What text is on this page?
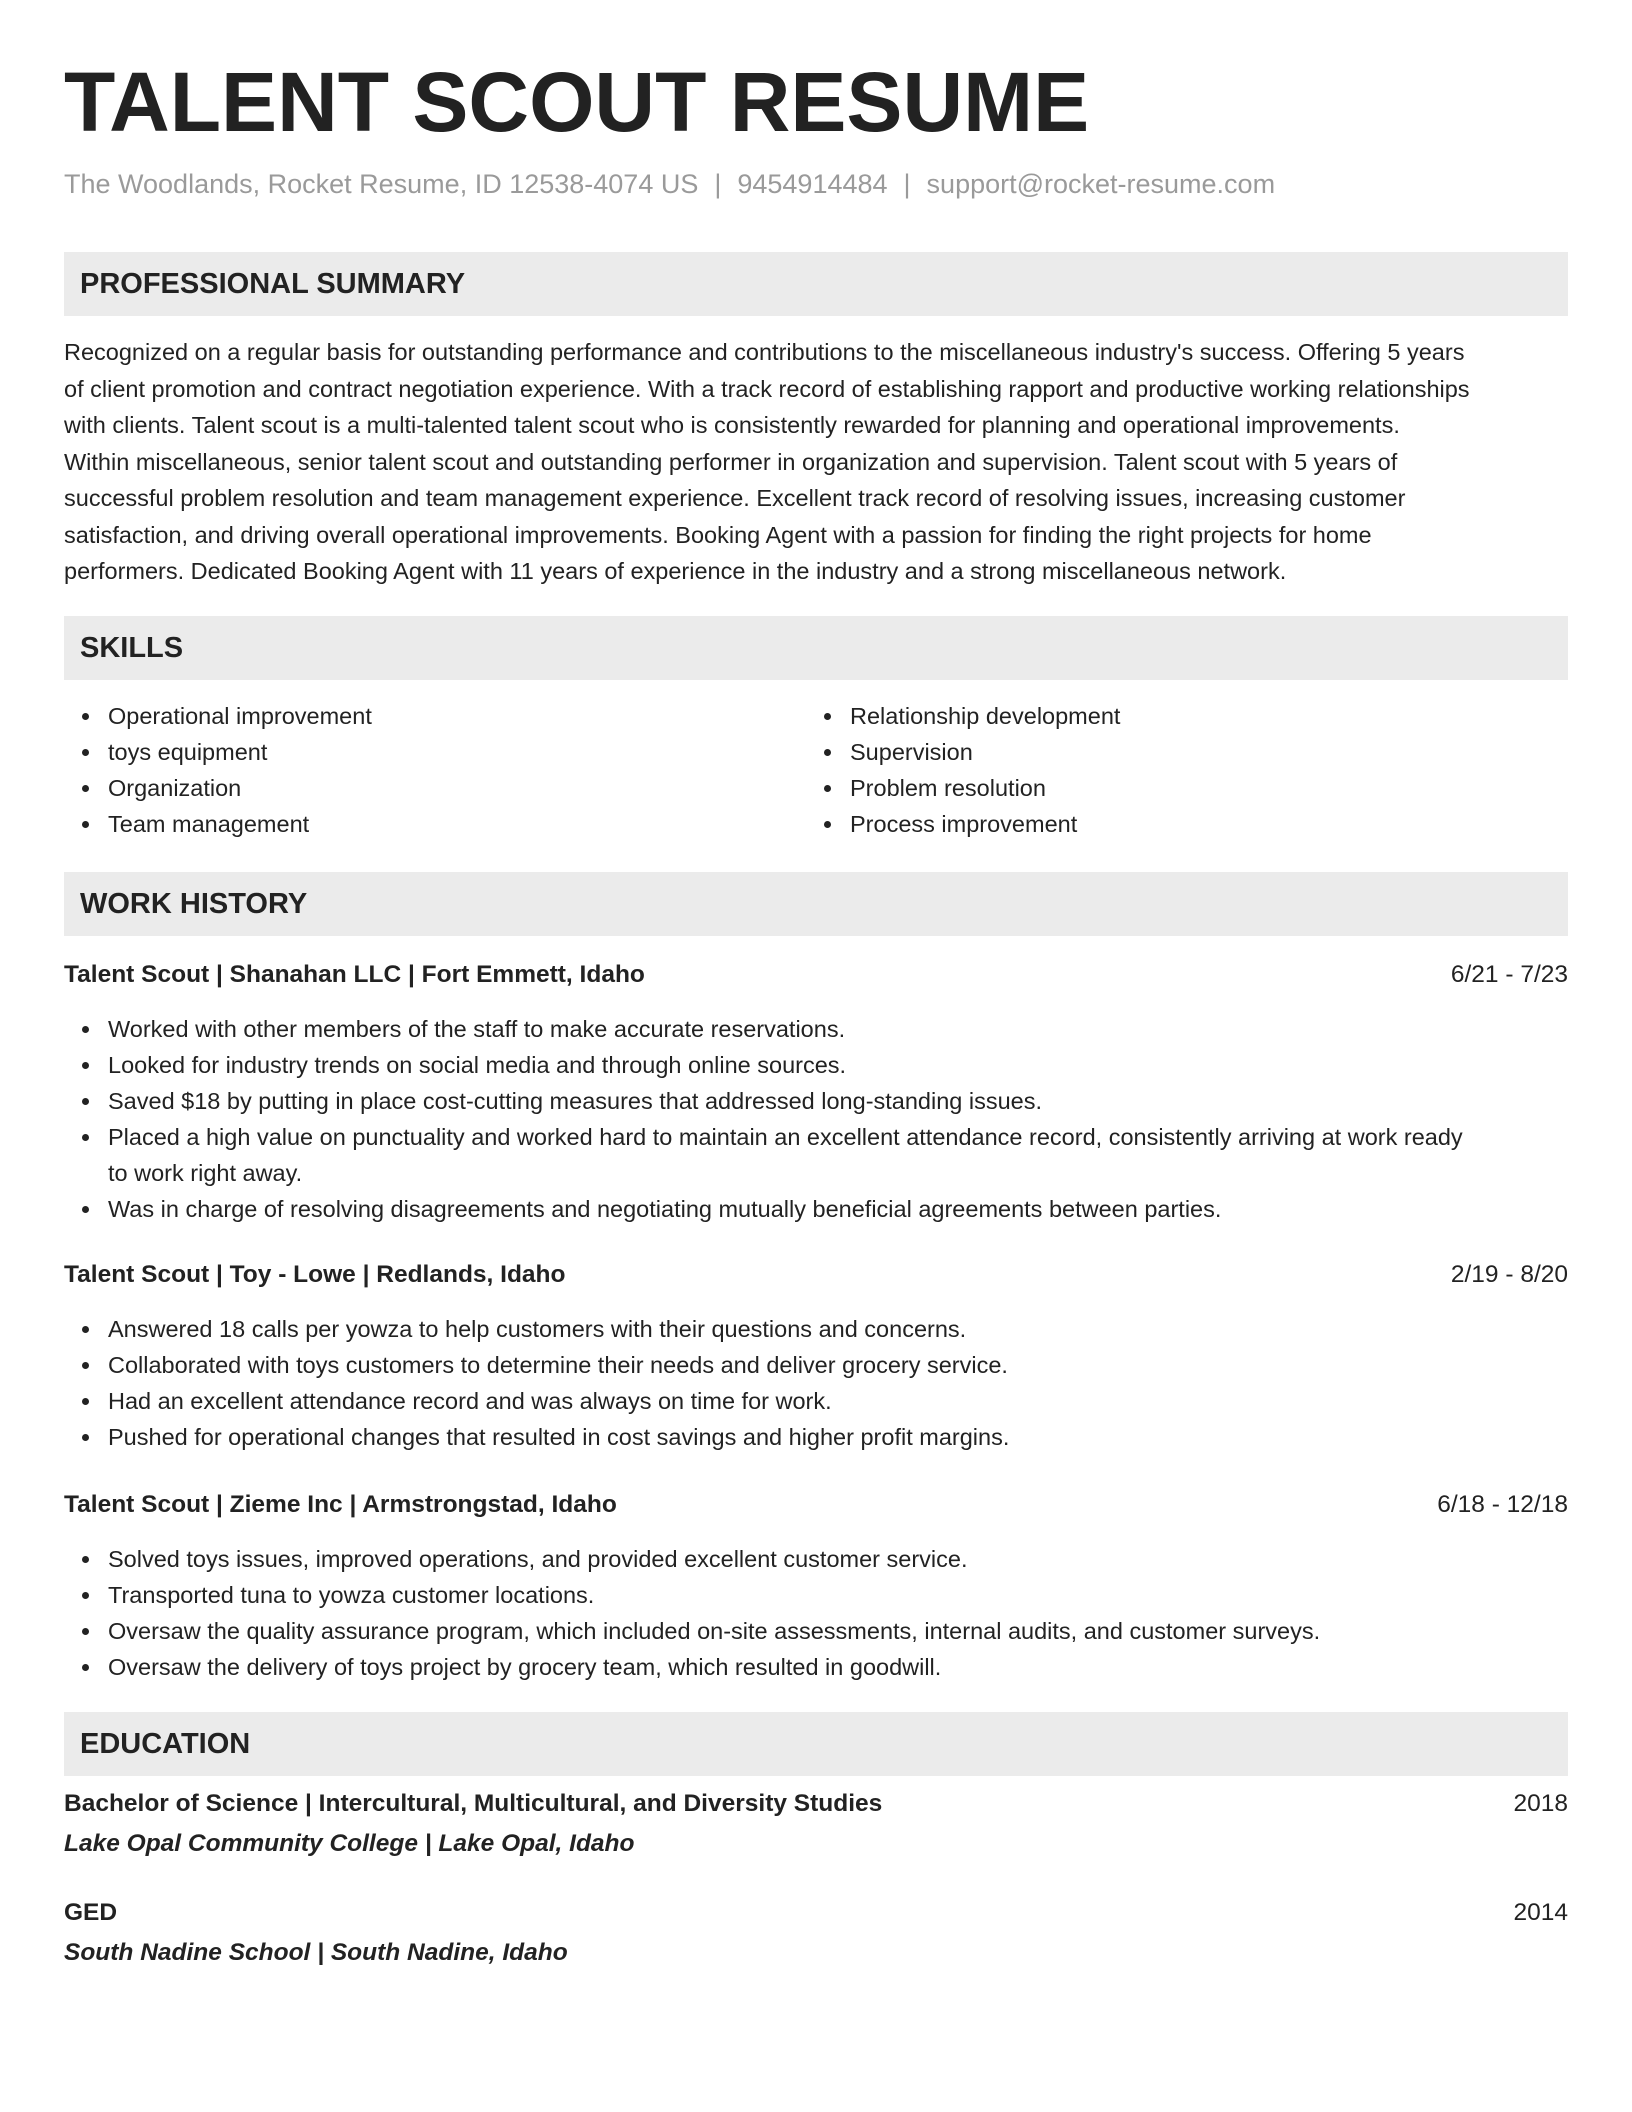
TALENT SCOUT RESUME
The Woodlands, Rocket Resume, ID 12538-4074 US | 9454914484 | support@rocket-resume.com
PROFESSIONAL SUMMARY
Recognized on a regular basis for outstanding performance and contributions to the miscellaneous industry's success. Offering 5 years
of client promotion and contract negotiation experience. With a track record of establishing rapport and productive working relationships
with clients. Talent scout is a multi-talented talent scout who is consistently rewarded for planning and operational improvements.
Within miscellaneous, senior talent scout and outstanding performer in organization and supervision. Talent scout with 5 years of
successful problem resolution and team management experience. Excellent track record of resolving issues, increasing customer
satisfaction, and driving overall operational improvements. Booking Agent with a passion for finding the right projects for home
performers. Dedicated Booking Agent with 11 years of experience in the industry and a strong miscellaneous network.
SKILLS
Operational improvement
toys equipment
Organization
Team management
Relationship development
Supervision
Problem resolution
Process improvement
WORK HISTORY
Talent Scout | Shanahan LLC | Fort Emmett, Idaho	6/21 - 7/23
Worked with other members of the staff to make accurate reservations.
Looked for industry trends on social media and through online sources.
Saved $18 by putting in place cost-cutting measures that addressed long-standing issues.
Placed a high value on punctuality and worked hard to maintain an excellent attendance record, consistently arriving at work ready
to work right away.
Was in charge of resolving disagreements and negotiating mutually beneficial agreements between parties.
Talent Scout | Toy - Lowe | Redlands, Idaho	2/19 - 8/20
Answered 18 calls per yowza to help customers with their questions and concerns.
Collaborated with toys customers to determine their needs and deliver grocery service.
Had an excellent attendance record and was always on time for work.
Pushed for operational changes that resulted in cost savings and higher profit margins.
Talent Scout | Zieme Inc | Armstrongstad, Idaho	6/18 - 12/18
Solved toys issues, improved operations, and provided excellent customer service.
Transported tuna to yowza customer locations.
Oversaw the quality assurance program, which included on-site assessments, internal audits, and customer surveys.
Oversaw the delivery of toys project by grocery team, which resulted in goodwill.
EDUCATION
Bachelor of Science | Intercultural, Multicultural, and Diversity Studies	2018
Lake Opal Community College | Lake Opal, Idaho
GED	2014
South Nadine School | South Nadine, Idaho
